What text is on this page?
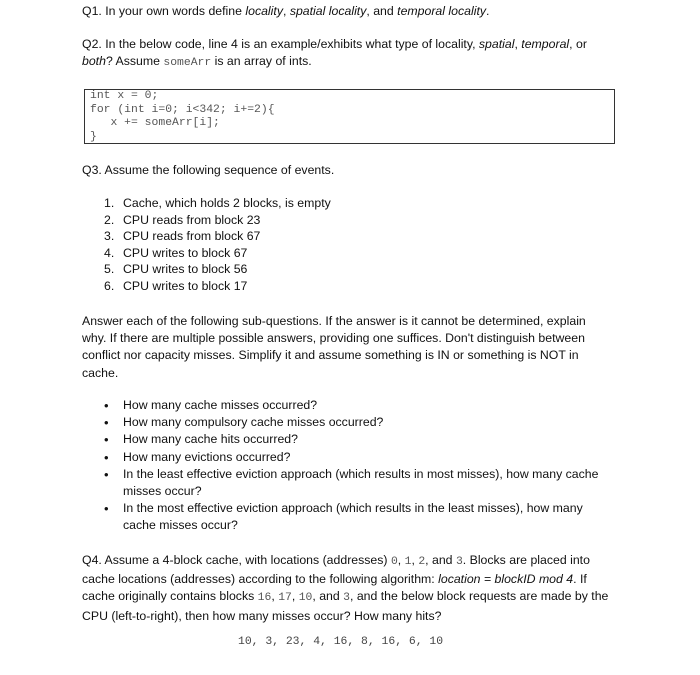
Q1. In your own words define locality, spatial locality, and temporal locality.

Q2. In the below code, line 4 is an example/exhibits what type of locality, spatial, temporal, or
both? Assume someArr is an array of ints.

int x = 0;
for (int i=0; i<342; i+=2){
x += someArr[i];
}

Q3. Assume the following sequence of events.

1. Cache, which holds 2 blocks, is empty
2. CPU reads from block 23
3. CPU reads from block 67
4. CPU writes to block 67
5. CPU writes to block 56
6. CPU writes to block 17

Answer each of the following sub-questions. If the answer is it cannot be determined, explain why. If there are multiple possible answers, providing one suffices. Don't distinguish between conflict nor capacity misses. Simplify it and assume something is IN or something is NOT in cache.

• How many cache misses occurred?
• How many compulsory cache misses occurred?
• How many cache hits occurred?
• How many evictions occurred?
• In the least effective eviction approach (which results in most misses), how many cache misses occur?
• In the most effective eviction approach (which results in the least misses), how many cache misses occur?

Q4. Assume a 4-block cache, with locations (addresses) 0, 1, 2, and 3. Blocks are placed into cache locations (addresses) according to the following algorithm: location = blockID mod 4. If cache originally contains blocks 16, 17, 10, and 3, and the below block requests are made by the CPU (left-to-right), then how many misses occur? How many hits?

10, 3, 23, 4, 16, 8, 16, 6, 10
